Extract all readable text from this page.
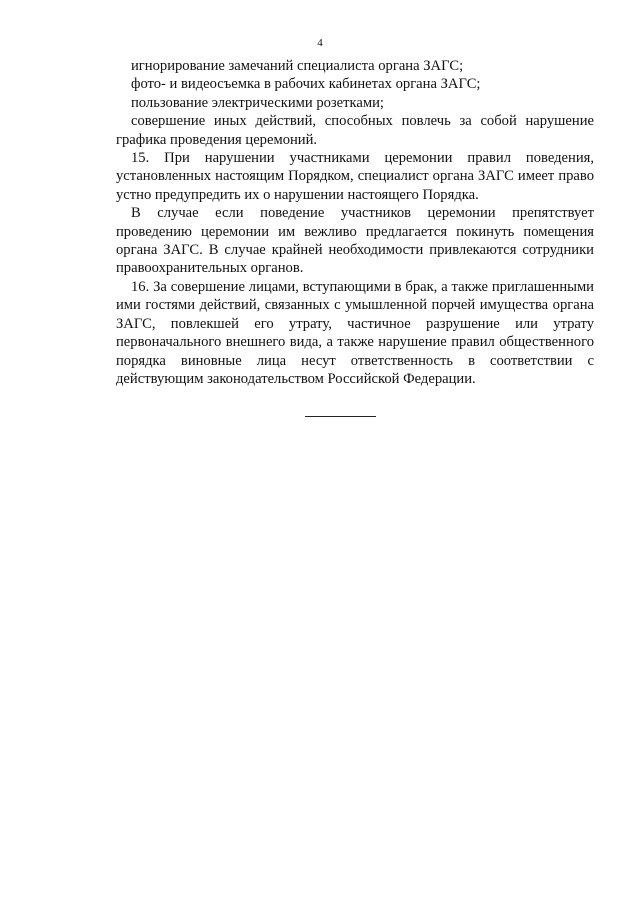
4

игнорирование замечаний специалиста органа ЗАГС;

фото- и видеосъемка в рабочих кабинетах органа ЗАГС;

пользование электрическими розетками;

совершение иных действий, способных повлечь за собой нарушение графика проведения церемоний.

15. При нарушении участниками церемонии правил поведения, установленных настоящим Порядком, специалист органа ЗАГС имеет право устно предупредить их о нарушении настоящего Порядка.

В случае если поведение участников церемонии препятствует проведению церемонии им вежливо предлагается покинуть помещения органа ЗАГС. В случае крайней необходимости привлекаются сотрудники правоохранительных органов.

16. За совершение лицами, вступающими в брак, а также приглашенными ими гостями действий, связанных с умышленной порчей имущества органа ЗАГС, повлекшей его утрату, частичное разрушение или утрату первоначального внешнего вида, а также нарушение правил общественного порядка виновные лица несут ответственность в соответствии с действующим законодательством Российской Федерации.
